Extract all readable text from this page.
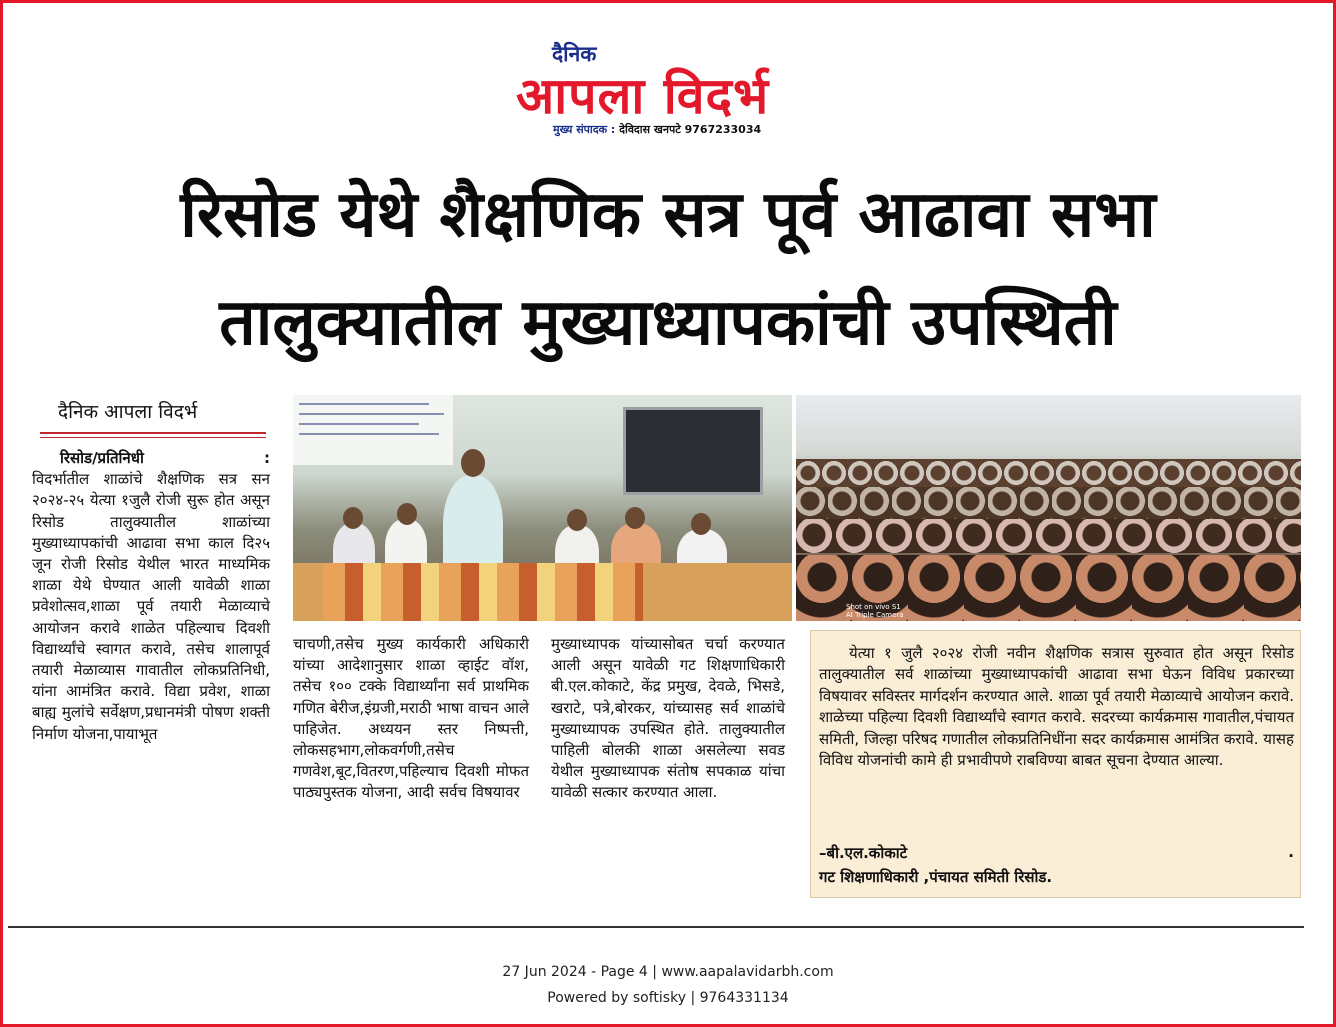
दैनिक
आपला विदर्भ
मुख्य संपादक : देविदास खनपटे 9767233034
रिसोड येथे शैक्षणिक सत्र पूर्व आढावा सभा
तालुक्यातील मुख्याध्यापकांची उपस्थिती
दैनिक आपला विदर्भ
रिसोड/प्रतिनिधी	:
विदर्भातील शाळांचे शैक्षणिक सत्र सन २०२४-२५ येत्या १जुलै रोजी सुरू होत असून रिसोड तालुक्यातील शाळांच्या मुख्याध्यापकांची आढावा सभा काल दि२५ जून रोजी रिसोड येथील भारत माध्यमिक शाळा येथे घेण्यात आली यावेळी शाळा प्रवेशोत्सव,शाळा पूर्व तयारी मेळाव्याचे आयोजन करावे शाळेत पहिल्याच दिवशी विद्यार्थ्यांचे स्वागत करावे, तसेच शालापूर्व तयारी मेळाव्यास गावातील लोकप्रतिनिधी, यांना आमंत्रित करावे. विद्या प्रवेश, शाळा बाह्य मुलांचे सर्वेक्षण,प्रधानमंत्री पोषण शक्ती निर्माण योजना,पायाभूत
चाचणी,तसेच मुख्य कार्यकारी अधिकारी यांच्या आदेशानुसार शाळा व्हाईट वॉश, तसेच १०० टक्के विद्यार्थ्यांना सर्व प्राथमिक गणित बेरीज,इंग्रजी,मराठी भाषा वाचन आले पाहिजेत. अध्ययन स्तर निष्पत्ती, लोकसहभाग,लोकवर्गणी,तसेच गणवेश,बूट,वितरण,पहिल्याच दिवशी मोफत पाठ्यपुस्तक योजना, आदी सर्वच विषयावर
मुख्याध्यापक यांच्यासोबत चर्चा करण्यात आली असून यावेळी गट शिक्षणाधिकारी बी.एल.कोकाटे, केंद्र प्रमुख, देवळे, भिसडे, खराटे, पत्रे,बोरकर, यांच्यासह सर्व शाळांचे मुख्याध्यापक उपस्थित होते. तालुक्यातील पाहिली बोलकी शाळा असलेल्या सवड येथील मुख्याध्यापक संतोष सपकाळ यांचा यावेळी सत्कार करण्यात आला.
Shot on vivo S1
AI Triple Camera
येत्या १ जुलै २०२४ रोजी नवीन शैक्षणिक सत्रास सुरुवात होत असून रिसोड तालुक्यातील सर्व शाळांच्या मुख्याध्यापकांची आढावा सभा घेऊन विविध प्रकारच्या विषयावर सविस्तर मार्गदर्शन करण्यात आले. शाळा पूर्व तयारी मेळाव्याचे आयोजन करावे. शाळेच्या पहिल्या दिवशी विद्यार्थ्यांचे स्वागत करावे. सदरच्या कार्यक्रमास गावातील,पंचायत समिती, जिल्हा परिषद गणातील लोकप्रतिनिधींना सदर कार्यक्रमास आमंत्रित करावे. यासह विविध योजनांची कामे ही प्रभावीपणे राबविण्या बाबत सूचना देण्यात आल्या.
–बी.एल.कोकाटे	.
गट शिक्षणाधिकारी ,पंचायत समिती रिसोड.
27 Jun 2024 - Page 4 | www.aapalavidarbh.com
Powered by softisky | 9764331134
